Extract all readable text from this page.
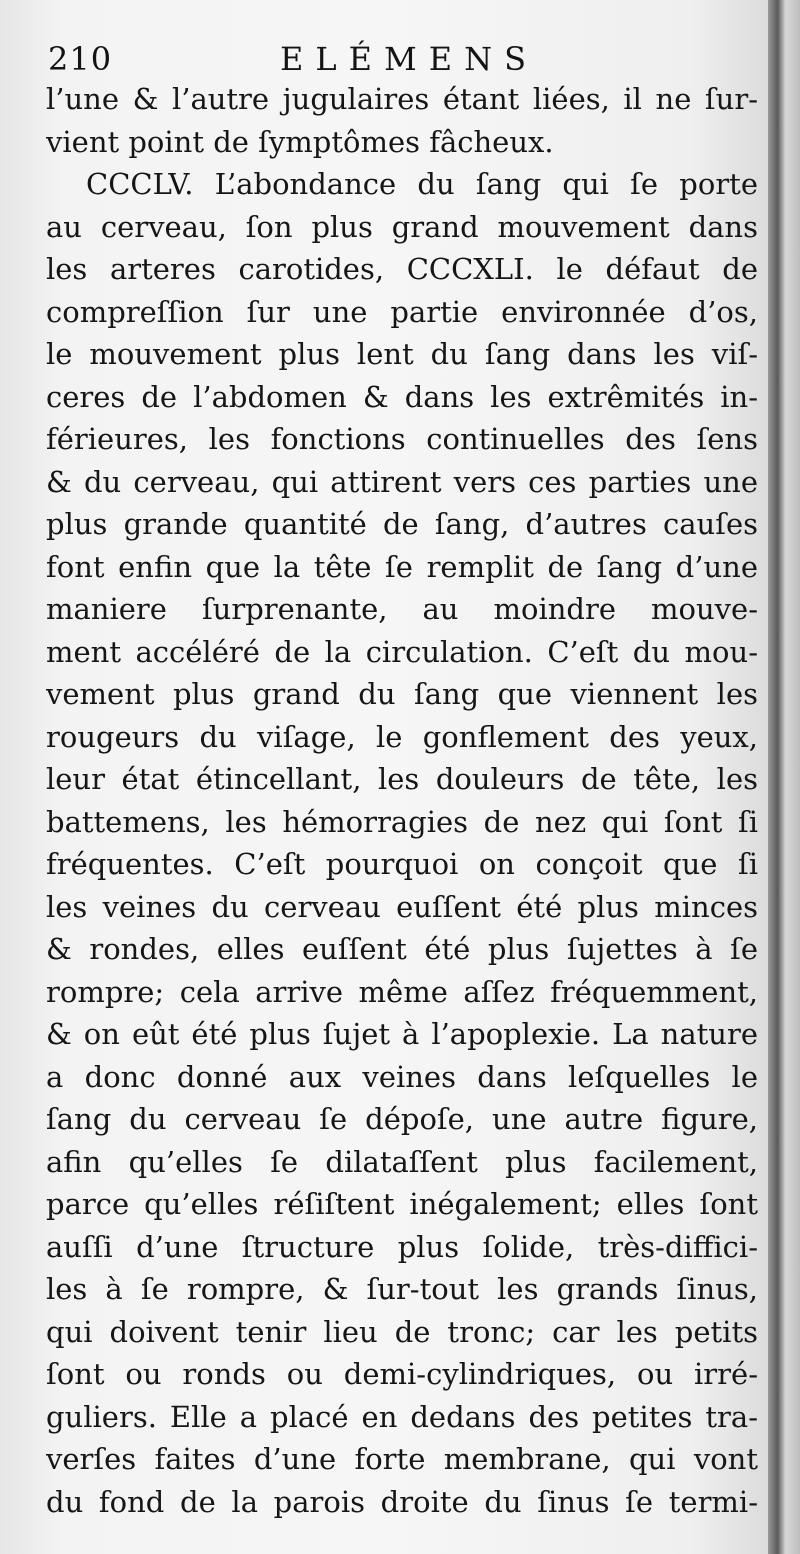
210	ELÉMENS
l’une & l’autre jugulaires étant liées, il ne ſur-
vient point de ſymptômes fâcheux.
CCCLV. L’abondance du ſang qui ſe porte
au cerveau, ſon plus grand mouvement dans
les arteres carotides, CCCXLI. le défaut de
compreſſion ſur une partie environnée d’os,
le mouvement plus lent du ſang dans les viſ-
ceres de l’abdomen & dans les extrêmités in-
férieures, les fonctions continuelles des ſens
& du cerveau, qui attirent vers ces parties une
plus grande quantité de ſang, d’autres cauſes
font enfin que la tête ſe remplit de ſang d’une
maniere ſurprenante, au moindre mouve-
ment accéléré de la circulation. C’eſt du mou-
vement plus grand du ſang que viennent les
rougeurs du viſage, le gonflement des yeux,
leur état étincellant, les douleurs de tête, les
battemens, les hémorragies de nez qui ſont ſi
fréquentes. C’eſt pourquoi on conçoit que ſi
les veines du cerveau euſſent été plus minces
& rondes, elles euſſent été plus ſujettes à ſe
rompre; cela arrive même aſſez fréquemment,
& on eût été plus ſujet à l’apoplexie. La nature
a donc donné aux veines dans leſquelles le
ſang du cerveau ſe dépoſe, une autre figure,
afin qu’elles ſe dilataſſent plus facilement,
parce qu’elles réſiſtent inégalement; elles ſont
auſſi d’une ſtructure plus ſolide, très-diffici-
les à ſe rompre, & ſur-tout les grands ſinus,
qui doivent tenir lieu de tronc; car les petits
ſont ou ronds ou demi-cylindriques, ou irré-
guliers. Elle a placé en dedans des petites tra-
verſes faites d’une forte membrane, qui vont
du fond de la parois droite du ſinus ſe termi-
